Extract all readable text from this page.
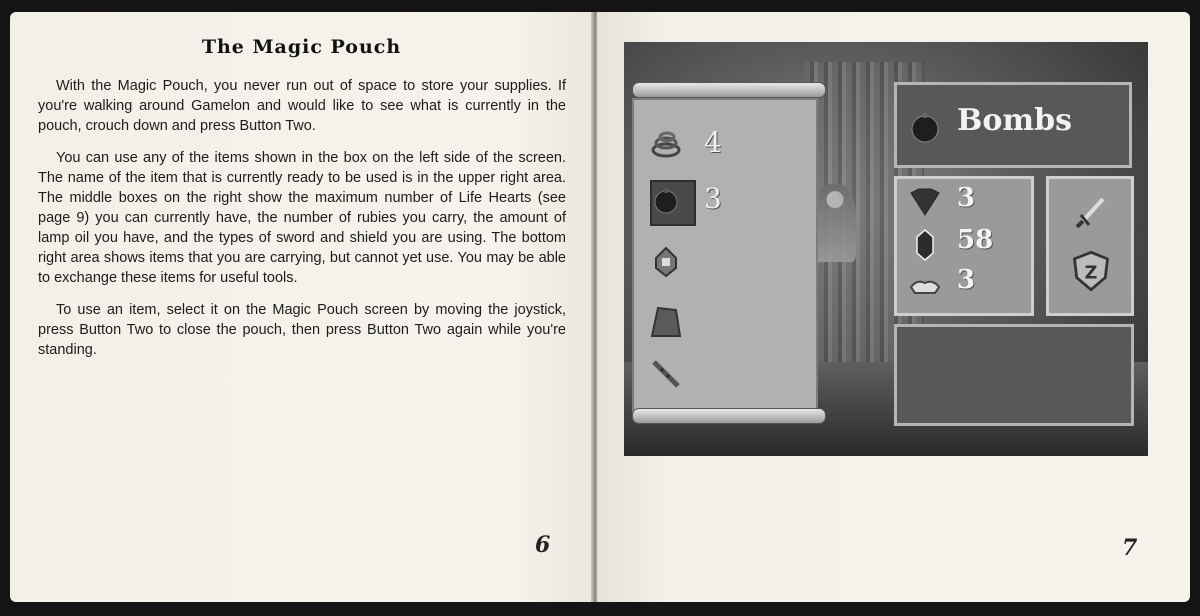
The Magic Pouch

With the Magic Pouch, you never run out of space to store your supplies. If you're walking around Gamelon and would like to see what is currently in the pouch, crouch down and press Button Two.

You can use any of the items shown in the box on the left side of the screen. The name of the item that is currently ready to be used is in the upper right area. The middle boxes on the right show the maximum number of Life Hearts (see page 9) you can currently have, the number of rubies you carry, the amount of lamp oil you have, and the types of sword and shield you are using. The bottom right area shows items that you are carrying, but cannot yet use. You may be able to exchange these items for useful tools.

To use an item, select it on the Magic Pouch screen by moving the joystick, press Button Two to close the pouch, then press Button Two again while you're standing.

6
4
3
Bombs
3
58
3	Z
7
